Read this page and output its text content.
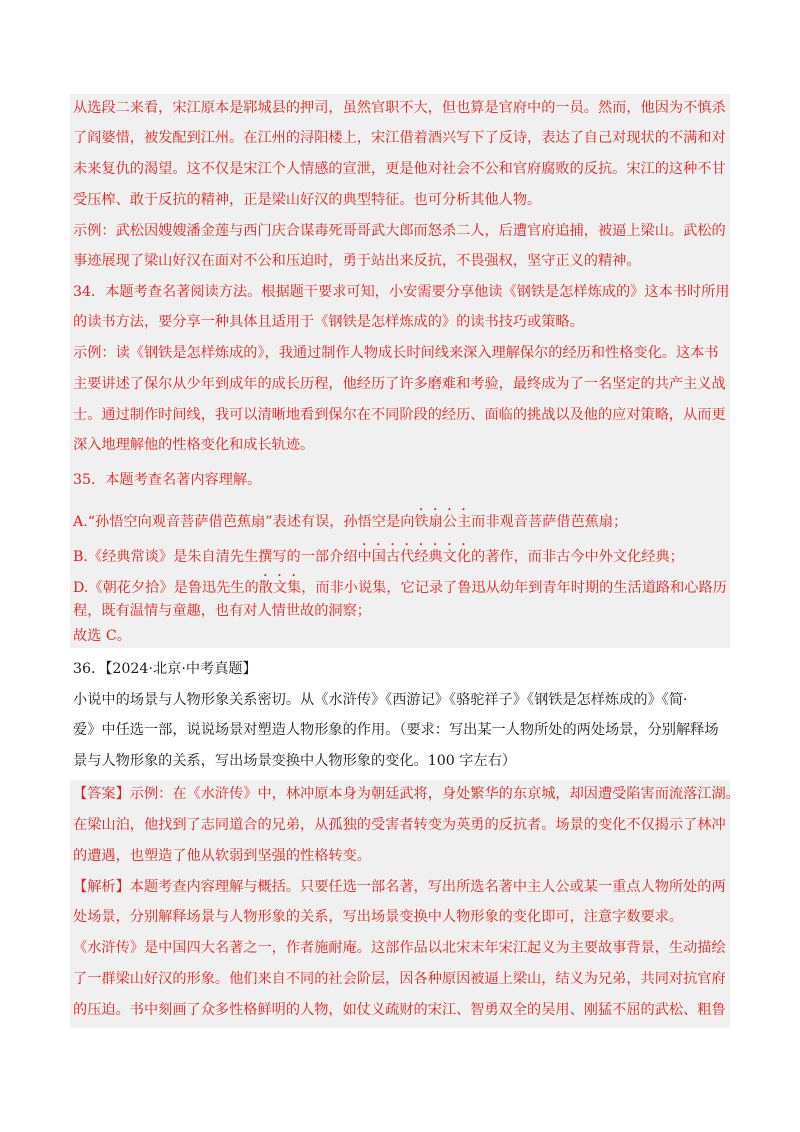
从选段二来看，宋江原本是郓城县的押司，虽然官职不大，但也算是官府中的一员。然而，他因为不慎杀
了阎婆惜，被发配到江州。在江州的浔阳楼上，宋江借着酒兴写下了反诗，表达了自己对现状的不满和对
未来复仇的渴望。这不仅是宋江个人情感的宣泄，更是他对社会不公和官府腐败的反抗。宋江的这种不甘
受压榨、敢于反抗的精神，正是梁山好汉的典型特征。也可分析其他人物。
示例：武松因嫂嫂潘金莲与西门庆合谋毒死哥哥武大郎而怒杀二人，后遭官府追捕，被逼上梁山。武松的
事迹展现了梁山好汉在面对不公和压迫时，勇于站出来反抗，不畏强权，坚守正义的精神。
34．本题考查名著阅读方法。根据题干要求可知，小安需要分享他读《钢铁是怎样炼成的》这本书时所用
的读书方法，要分享一种具体且适用于《钢铁是怎样炼成的》的读书技巧或策略。
示例：读《钢铁是怎样炼成的》，我通过制作人物成长时间线来深入理解保尔的经历和性格变化。这本书
主要讲述了保尔从少年到成年的成长历程，他经历了许多磨难和考验，最终成为了一名坚定的共产主义战
士。通过制作时间线，我可以清晰地看到保尔在不同阶段的经历、面临的挑战以及他的应对策略，从而更
深入地理解他的性格变化和成长轨迹。
35．本题考查名著内容理解。
A.“孙悟空向观音菩萨借芭蕉扇”表述有误，孙悟空是向铁扇公主而非观音菩萨借芭蕉扇；
B.《经典常谈》是朱自清先生撰写的一部介绍中国古代经典文化的著作，而非古今中外文化经典；
D.《朝花夕拾》是鲁迅先生的散文集，而非小说集，它记录了鲁迅从幼年到青年时期的生活道路和心路历
程，既有温情与童趣，也有对人情世故的洞察；
故选 C。
36．【2024·北京·中考真题】
小说中的场景与人物形象关系密切。从《水浒传》《西游记》《骆驼祥子》《钢铁是怎样炼成的》《简·
爱》中任选一部，说说场景对塑造人物形象的作用。（要求：写出某一人物所处的两处场景，分别解释场
景与人物形象的关系，写出场景变换中人物形象的变化。100 字左右）
【答案】示例：在《水浒传》中，林冲原本身为朝廷武将，身处繁华的东京城，却因遭受陷害而流落江湖。
在梁山泊，他找到了志同道合的兄弟，从孤独的受害者转变为英勇的反抗者。场景的变化不仅揭示了林冲
的遭遇，也塑造了他从软弱到坚强的性格转变。
【解析】本题考查内容理解与概括。只要任选一部名著，写出所选名著中主人公或某一重点人物所处的两
处场景，分别解释场景与人物形象的关系，写出场景变换中人物形象的变化即可，注意字数要求。
《水浒传》是中国四大名著之一，作者施耐庵。这部作品以北宋末年宋江起义为主要故事背景，生动描绘
了一群梁山好汉的形象。他们来自不同的社会阶层，因各种原因被逼上梁山，结义为兄弟，共同对抗官府
的压迫。书中刻画了众多性格鲜明的人物，如仗义疏财的宋江、智勇双全的吴用、刚猛不屈的武松、粗鲁
